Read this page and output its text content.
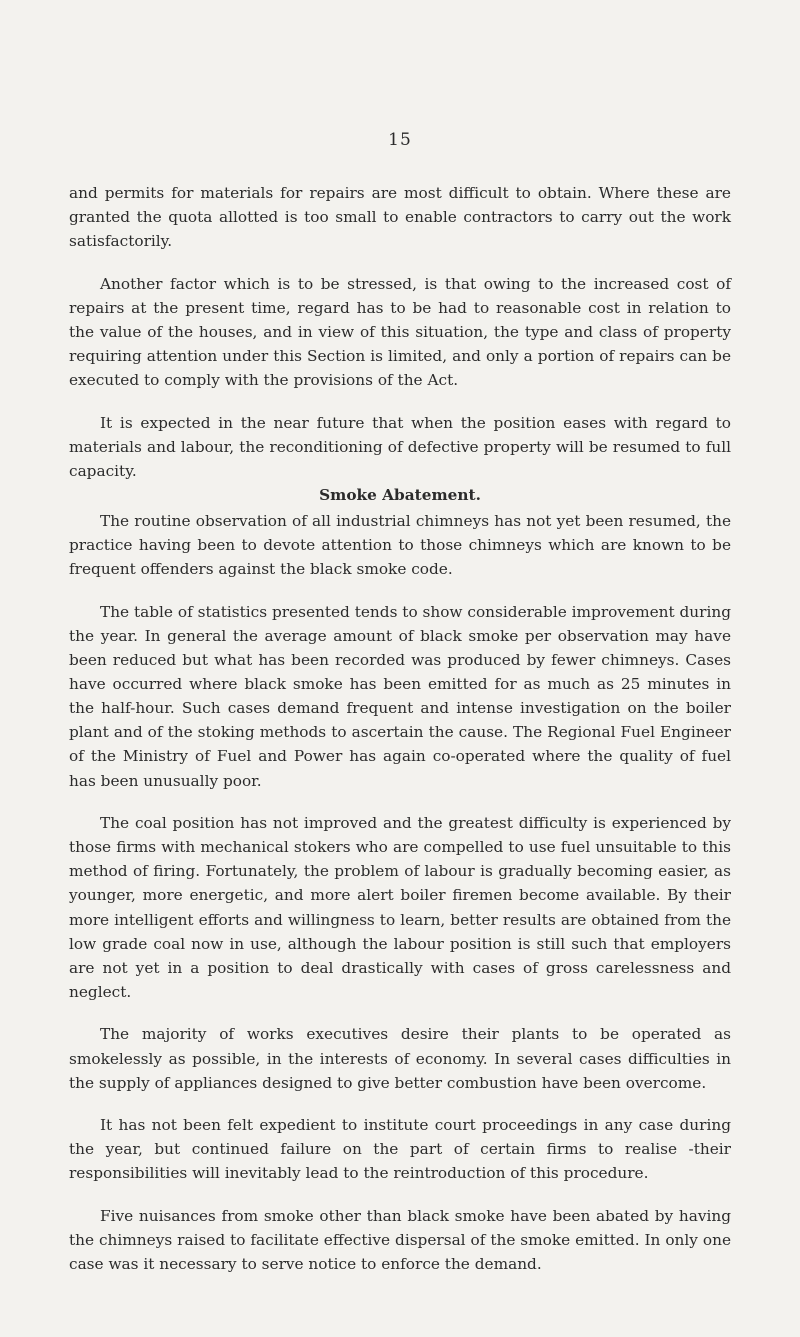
15

and permits for materials for repairs are most difficult to obtain. Where these are granted the quota allotted is too small to enable contractors to carry out the work satisfactorily.

Another factor which is to be stressed, is that owing to the increased cost of repairs at the present time, regard has to be had to reasonable cost in relation to the value of the houses, and in view of this situation, the type and class of property requiring attention under this Section is limited, and only a portion of repairs can be executed to comply with the provisions of the Act.

It is expected in the near future that when the position eases with regard to materials and labour, the reconditioning of defective property will be resumed to full capacity.

Smoke Abatement.

The routine observation of all industrial chimneys has not yet been resumed, the practice having been to devote attention to those chimneys which are known to be frequent offenders against the black smoke code.

The table of statistics presented tends to show considerable improvement during the year. In general the average amount of black smoke per observation may have been reduced but what has been recorded was produced by fewer chimneys. Cases have occurred where black smoke has been emitted for as much as 25 minutes in the half-hour. Such cases demand frequent and intense investigation on the boiler plant and of the stoking methods to ascertain the cause. The Regional Fuel Engineer of the Ministry of Fuel and Power has again co-operated where the quality of fuel has been unusually poor.

The coal position has not improved and the greatest difficulty is experienced by those firms with mechanical stokers who are compelled to use fuel unsuitable to this method of firing. Fortunately, the problem of labour is gradually becoming easier, as younger, more energetic, and more alert boiler firemen become available. By their more intelligent efforts and willingness to learn, better results are obtained from the low grade coal now in use, although the labour position is still such that employers are not yet in a position to deal drastically with cases of gross carelessness and neglect.

The majority of works executives desire their plants to be operated as smokelessly as possible, in the interests of economy. In several cases difficulties in the supply of appliances designed to give better combustion have been overcome.

It has not been felt expedient to institute court proceedings in any case during the year, but continued failure on the part of certain firms to realise -their responsibilities will inevitably lead to the reintroduction of this procedure.

Five nuisances from smoke other than black smoke have been abated by having the chimneys raised to facilitate effective dispersal of the smoke emitted. In only one case was it necessary to serve notice to enforce the demand.
